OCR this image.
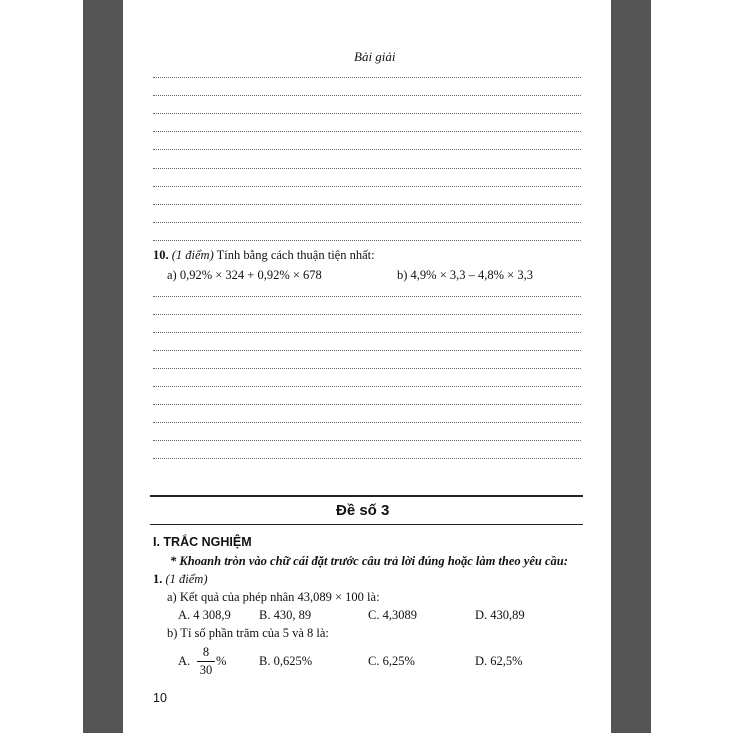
Bài giải
10. (1 điểm) Tính bằng cách thuận tiện nhất:
a) 0,92% × 324 + 0,92% × 678	b) 4,9% × 3,3 – 4,8% × 3,3
Đề số 3
I. TRẮC NGHIỆM
* Khoanh tròn vào chữ cái đặt trước câu trả lời đúng hoặc làm theo yêu cầu:
1. (1 điểm)
a) Kết quả của phép nhân 43,089 × 100 là:
A. 4 308,9 B. 430, 89	C. 4,3089	D. 430,89
b) Tỉ số phần trăm của 5 và 8 là:
A.
8
30
%	B. 0,625%	C. 6,25%	D. 62,5%
10
